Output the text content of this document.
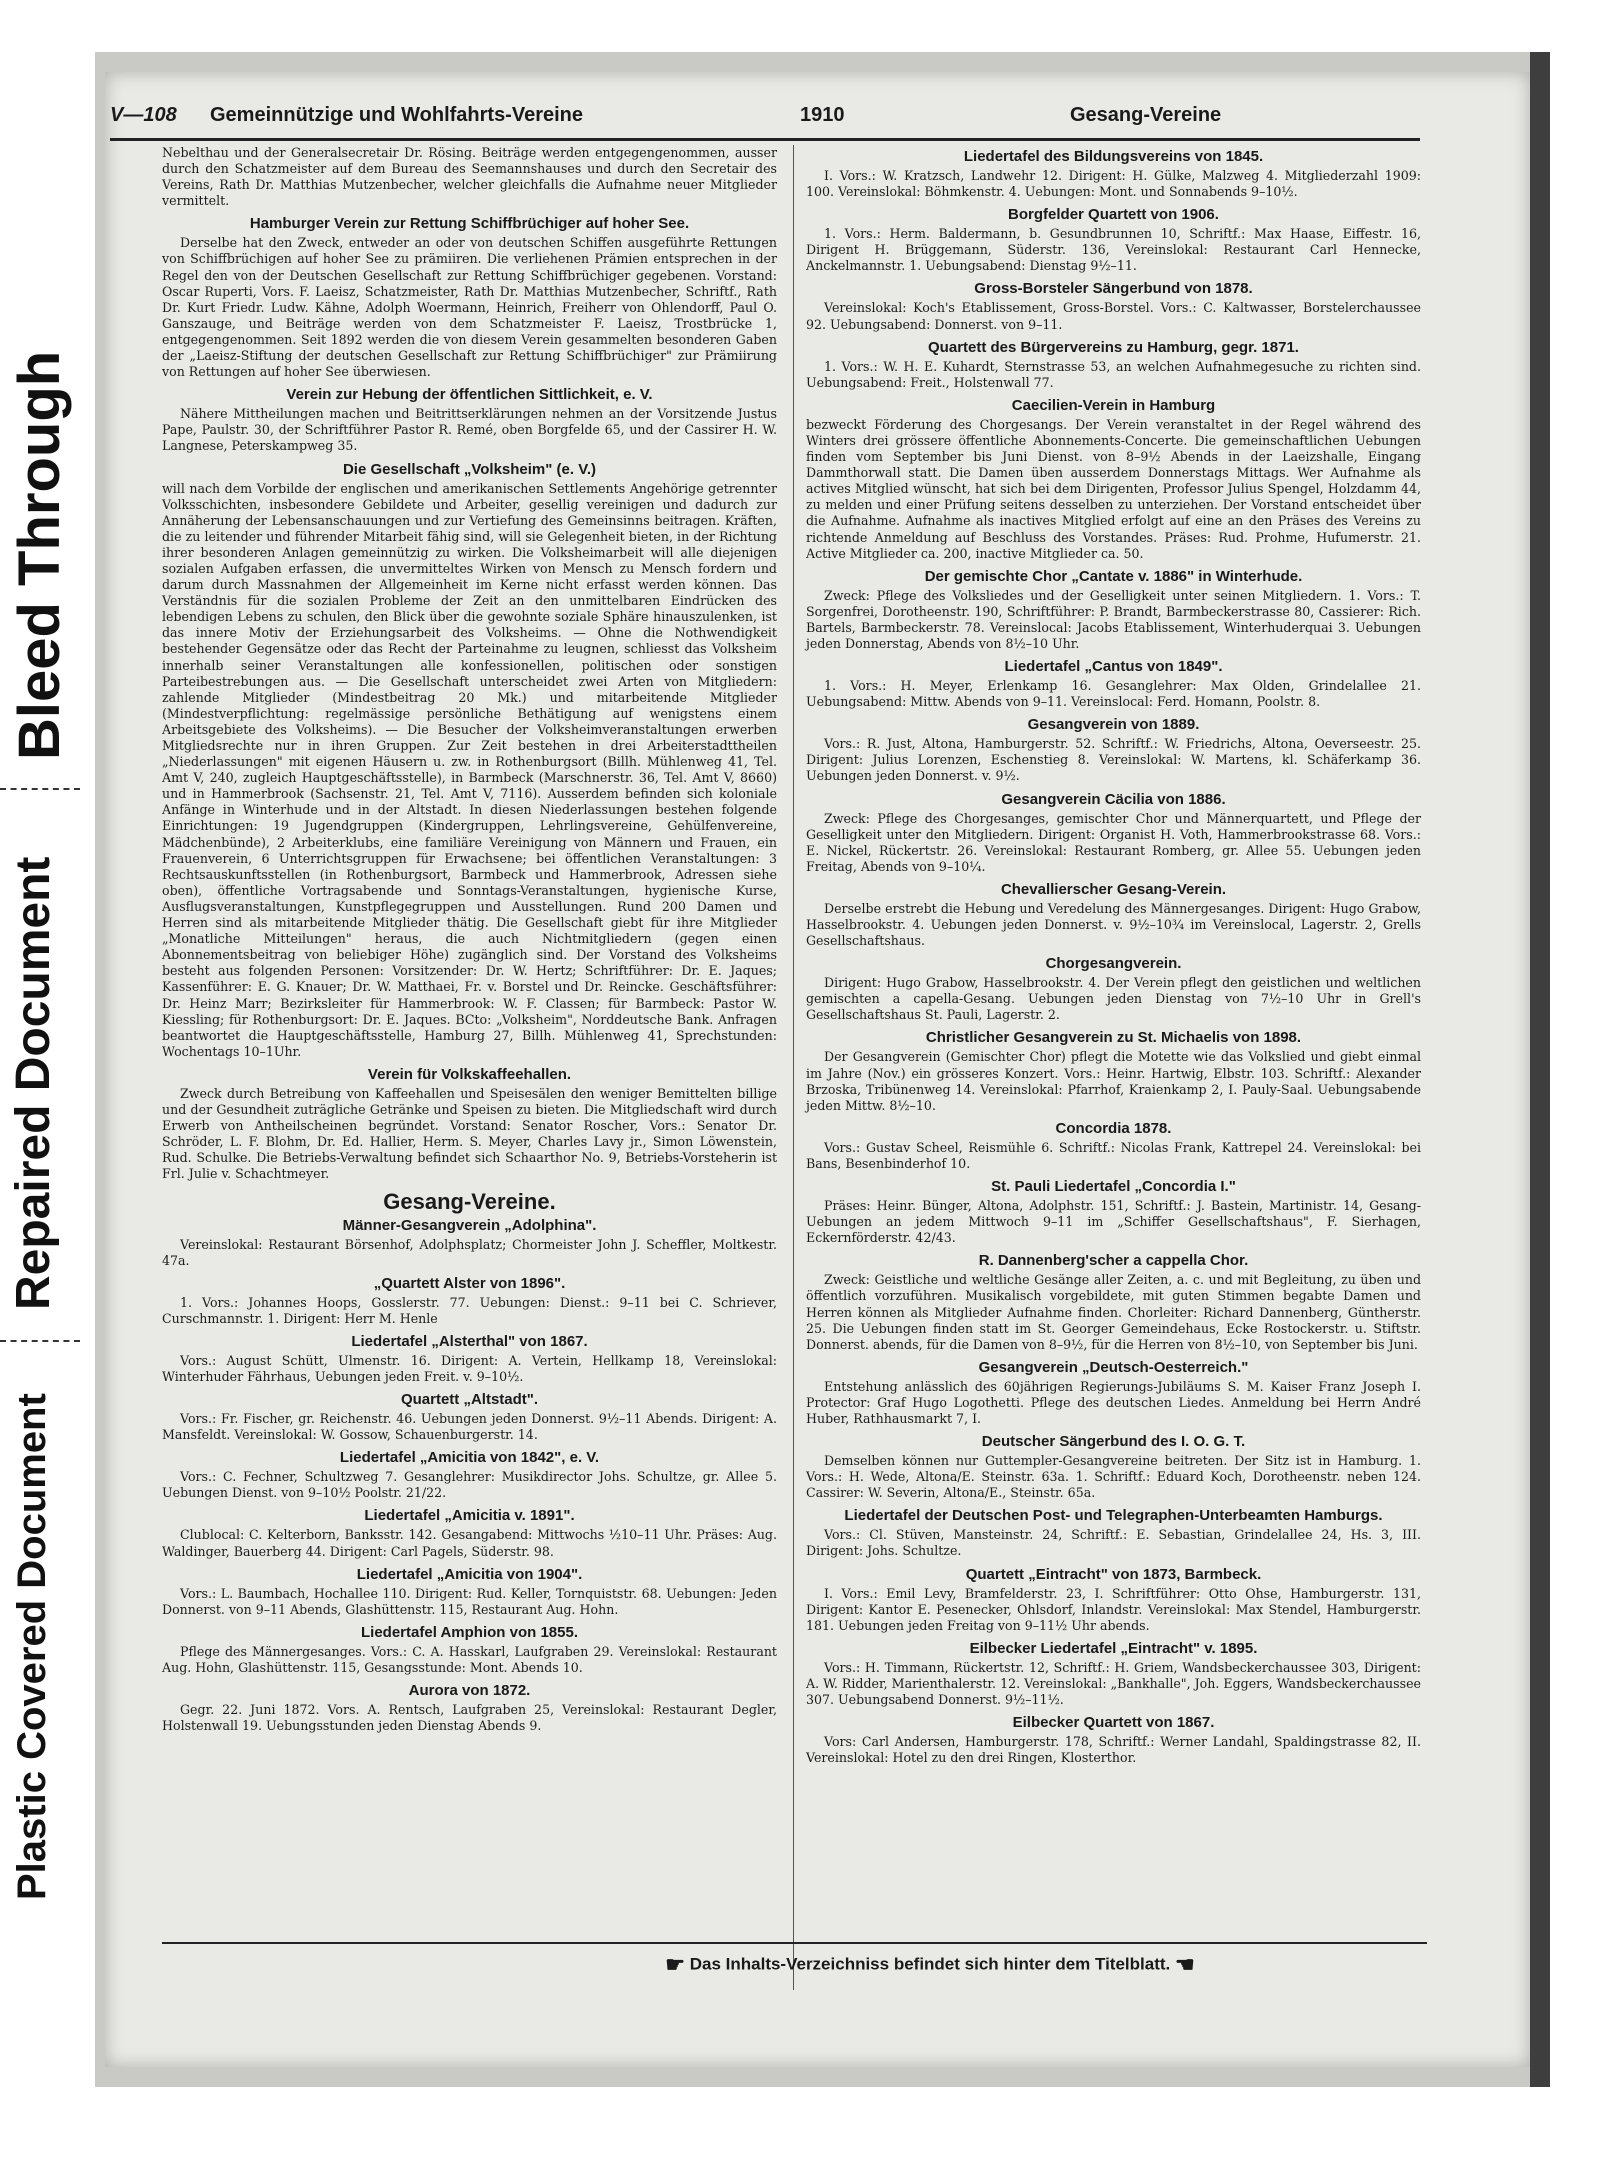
Bleed Through
Repaired Document
Plastic Covered Document
V—108 Gemeinnützige und Wohlfahrts-Vereine	1910	Gesang-Vereine

Nebelthau und der Generalsecretair Dr. Rösing. Beiträge werden entgegengenommen, ausser durch den Schatzmeister auf dem Bureau des Seemannshauses und durch den Secretair des Vereins, Rath Dr. Matthias Mutzenbecher, welcher gleichfalls die Aufnahme neuer Mitglieder vermittelt.

Hamburger Verein zur Rettung Schiffbrüchiger auf hoher See.

Derselbe hat den Zweck, entweder an oder von deutschen Schiffen ausgeführte Rettungen von Schiffbrüchigen auf hoher See zu prämiiren. Die verliehenen Prämien entsprechen in der Regel den von der Deutschen Gesellschaft zur Rettung Schiffbrüchiger gegebenen. Vorstand: Oscar Ruperti, Vors. F. Laeisz, Schatzmeister, Rath Dr. Matthias Mutzenbecher, Schriftf., Rath Dr. Kurt Friedr. Ludw. Kähne, Adolph Woermann, Heinrich, Freiherr von Ohlendorff, Paul O. Ganszauge, und Beiträge werden von dem Schatzmeister F. Laeisz, Trostbrücke 1, entgegengenommen. Seit 1892 werden die von diesem Verein gesammelten besonderen Gaben der „Laeisz-Stiftung der deutschen Gesellschaft zur Rettung Schiffbrüchiger" zur Prämiirung von Rettungen auf hoher See überwiesen.

Verein zur Hebung der öffentlichen Sittlichkeit, e. V.

Nähere Mittheilungen machen und Beitrittserklärungen nehmen an der Vorsitzende Justus Pape, Paulstr. 30, der Schriftführer Pastor R. Remé, oben Borgfelde 65, und der Cassirer H. W. Langnese, Peterskampweg 35.

Die Gesellschaft „Volksheim" (e. V.)

will nach dem Vorbilde der englischen und amerikanischen Settlements Angehörige getrennter Volksschichten, insbesondere Gebildete und Arbeiter, gesellig vereinigen und dadurch zur Annäherung der Lebensanschauungen und zur Vertiefung des Gemeinsinns beitragen. Kräften, die zu leitender und führender Mitarbeit fähig sind, will sie Gelegenheit bieten, in der Richtung ihrer besonderen Anlagen gemeinnützig zu wirken. Die Volksheimarbeit will alle diejenigen sozialen Aufgaben erfassen, die unvermitteltes Wirken von Mensch zu Mensch fordern und darum durch Massnahmen der Allgemeinheit im Kerne nicht erfasst werden können. Das Verständnis für die sozialen Probleme der Zeit an den unmittelbaren Eindrücken des lebendigen Lebens zu schulen, den Blick über die gewohnte soziale Sphäre hinauszulenken, ist das innere Motiv der Erziehungsarbeit des Volksheims. — Ohne die Nothwendigkeit bestehender Gegensätze oder das Recht der Parteinahme zu leugnen, schliesst das Volksheim innerhalb seiner Veranstaltungen alle konfessionellen, politischen oder sonstigen Parteibestrebungen aus. — Die Gesellschaft unterscheidet zwei Arten von Mitgliedern: zahlende Mitglieder (Mindestbeitrag 20 Mk.) und mitarbeitende Mitglieder (Mindestverpflichtung: regelmässige persönliche Bethätigung auf wenigstens einem Arbeitsgebiete des Volksheims). — Die Besucher der Volksheimveranstaltungen erwerben Mitgliedsrechte nur in ihren Gruppen. Zur Zeit bestehen in drei Arbeiterstadttheilen „Niederlassungen" mit eigenen Häusern u. zw. in Rothenburgsort (Billh. Mühlenweg 41, Tel. Amt V, 240, zugleich Hauptgeschäftsstelle), in Barmbeck (Marschnerstr. 36, Tel. Amt V, 8660) und in Hammerbrook (Sachsenstr. 21, Tel. Amt V, 7116). Ausserdem befinden sich koloniale Anfänge in Winterhude und in der Altstadt. In diesen Niederlassungen bestehen folgende Einrichtungen: 19 Jugendgruppen (Kindergruppen, Lehrlingsvereine, Gehülfenvereine, Mädchenbünde), 2 Arbeiterklubs, eine familiäre Vereinigung von Männern und Frauen, ein Frauenverein, 6 Unterrichtsgruppen für Erwachsene; bei öffentlichen Veranstaltungen: 3 Rechtsauskunftsstellen (in Rothenburgsort, Barmbeck und Hammerbrook, Adressen siehe oben), öffentliche Vortragsabende und Sonntags-Veranstaltungen, hygienische Kurse, Ausflugsveranstaltungen, Kunstpflegegruppen und Ausstellungen. Rund 200 Damen und Herren sind als mitarbeitende Mitglieder thätig. Die Gesellschaft giebt für ihre Mitglieder „Monatliche Mitteilungen" heraus, die auch Nichtmitgliedern (gegen einen Abonnementsbeitrag von beliebiger Höhe) zugänglich sind. Der Vorstand des Volksheims besteht aus folgenden Personen: Vorsitzender: Dr. W. Hertz; Schriftführer: Dr. E. Jaques; Kassenführer: E. G. Knauer; Dr. W. Matthaei, Fr. v. Borstel und Dr. Reincke. Geschäftsführer: Dr. Heinz Marr; Bezirksleiter für Hammerbrook: W. F. Classen; für Barmbeck: Pastor W. Kiessling; für Rothenburgsort: Dr. E. Jaques. BCto: „Volksheim", Norddeutsche Bank. Anfragen beantwortet die Hauptgeschäftsstelle, Hamburg 27, Billh. Mühlenweg 41, Sprechstunden: Wochentags 10–1Uhr.

Verein für Volkskaffeehallen.

Zweck durch Betreibung von Kaffeehallen und Speisesälen den weniger Bemittelten billige und der Gesundheit zuträgliche Getränke und Speisen zu bieten. Die Mitgliedschaft wird durch Erwerb von Antheilscheinen begründet. Vorstand: Senator Roscher, Vors.: Senator Dr. Schröder, L. F. Blohm, Dr. Ed. Hallier, Herm. S. Meyer, Charles Lavy jr., Simon Löwenstein, Rud. Schulke. Die Betriebs-Verwaltung befindet sich Schaarthor No. 9, Betriebs-Vorsteherin ist Frl. Julie v. Schachtmeyer.

Gesang-Vereine.
Männer-Gesangverein „Adolphina".

Vereinslokal: Restaurant Börsenhof, Adolphsplatz; Chormeister John J. Scheffler, Moltkestr. 47a.

„Quartett Alster von 1896".

1. Vors.: Johannes Hoops, Gosslerstr. 77. Uebungen: Dienst.: 9–11 bei C. Schriever, Curschmannstr. 1. Dirigent: Herr M. Henle

Liedertafel „Alsterthal" von 1867.

Vors.: August Schütt, Ulmenstr. 16. Dirigent: A. Vertein, Hellkamp 18, Vereinslokal: Winterhuder Fährhaus, Uebungen jeden Freit. v. 9–10½.

Quartett „Altstadt".

Vors.: Fr. Fischer, gr. Reichenstr. 46. Uebungen jeden Donnerst. 9½–11 Abends. Dirigent: A. Mansfeldt. Vereinslokal: W. Gossow, Schauenburgerstr. 14.

Liedertafel „Amicitia von 1842", e. V.

Vors.: C. Fechner, Schultzweg 7. Gesanglehrer: Musikdirector Johs. Schultze, gr. Allee 5. Uebungen Dienst. von 9–10½ Poolstr. 21/22.

Liedertafel „Amicitia v. 1891".

Clublocal: C. Kelterborn, Banksstr. 142. Gesangabend: Mittwochs ½10–11 Uhr. Präses: Aug. Waldinger, Bauerberg 44. Dirigent: Carl Pagels, Süderstr. 98.

Liedertafel „Amicitia von 1904".

Vors.: L. Baumbach, Hochallee 110. Dirigent: Rud. Keller, Tornquiststr. 68. Uebungen: Jeden Donnerst. von 9–11 Abends, Glashüttenstr. 115, Restaurant Aug. Hohn.

Liedertafel Amphion von 1855.

Pflege des Männergesanges. Vors.: C. A. Hasskarl, Laufgraben 29. Vereinslokal: Restaurant Aug. Hohn, Glashüttenstr. 115, Gesangsstunde: Mont. Abends 10.

Aurora von 1872.

Gegr. 22. Juni 1872. Vors. A. Rentsch, Laufgraben 25, Vereinslokal: Restaurant Degler, Holstenwall 19. Uebungsstunden jeden Dienstag Abends 9.

Liedertafel des Bildungsvereins von 1845.

I. Vors.: W. Kratzsch, Landwehr 12. Dirigent: H. Gülke, Malzweg 4. Mitgliederzahl 1909: 100. Vereinslokal: Böhmkenstr. 4. Uebungen: Mont. und Sonnabends 9–10½.

Borgfelder Quartett von 1906.

1. Vors.: Herm. Baldermann, b. Gesundbrunnen 10, Schriftf.: Max Haase, Eiffestr. 16, Dirigent H. Brüggemann, Süderstr. 136, Vereinslokal: Restaurant Carl Hennecke, Anckelmannstr. 1. Uebungsabend: Dienstag 9½–11.

Gross-Borsteler Sängerbund von 1878.

Vereinslokal: Koch's Etablissement, Gross-Borstel. Vors.: C. Kaltwasser, Borstelerchaussee 92. Uebungsabend: Donnerst. von 9–11.

Quartett des Bürgervereins zu Hamburg, gegr. 1871.

1. Vors.: W. H. E. Kuhardt, Sternstrasse 53, an welchen Aufnahmegesuche zu richten sind. Uebungsabend: Freit., Holstenwall 77.

Caecilien-Verein in Hamburg

bezweckt Förderung des Chorgesangs. Der Verein veranstaltet in der Regel während des Winters drei grössere öffentliche Abonnements-Concerte. Die gemeinschaftlichen Uebungen finden vom September bis Juni Dienst. von 8–9½ Abends in der Laeizshalle, Eingang Dammthorwall statt. Die Damen üben ausserdem Donnerstags Mittags. Wer Aufnahme als actives Mitglied wünscht, hat sich bei dem Dirigenten, Professor Julius Spengel, Holzdamm 44, zu melden und einer Prüfung seitens desselben zu unterziehen. Der Vorstand entscheidet über die Aufnahme. Aufnahme als inactives Mitglied erfolgt auf eine an den Präses des Vereins zu richtende Anmeldung auf Beschluss des Vorstandes. Präses: Rud. Prohme, Hufumerstr. 21. Active Mitglieder ca. 200, inactive Mitglieder ca. 50.

Der gemischte Chor „Cantate v. 1886" in Winterhude.

Zweck: Pflege des Volksliedes und der Geselligkeit unter seinen Mitgliedern. 1. Vors.: T. Sorgenfrei, Dorotheenstr. 190, Schriftführer: P. Brandt, Barmbeckerstrasse 80, Cassierer: Rich. Bartels, Barmbeckerstr. 78. Vereinslocal: Jacobs Etablissement, Winterhuderquai 3. Uebungen jeden Donnerstag, Abends von 8½–10 Uhr.

Liedertafel „Cantus von 1849".

1. Vors.: H. Meyer, Erlenkamp 16. Gesanglehrer: Max Olden, Grindelallee 21. Uebungsabend: Mittw. Abends von 9–11. Vereinslocal: Ferd. Homann, Poolstr. 8.

Gesangverein von 1889.

Vors.: R. Just, Altona, Hamburgerstr. 52. Schriftf.: W. Friedrichs, Altona, Oeverseestr. 25. Dirigent: Julius Lorenzen, Eschenstieg 8. Vereinslokal: W. Martens, kl. Schäferkamp 36. Uebungen jeden Donnerst. v. 9½.

Gesangverein Cäcilia von 1886.

Zweck: Pflege des Chorgesanges, gemischter Chor und Männerquartett, und Pflege der Geselligkeit unter den Mitgliedern. Dirigent: Organist H. Voth, Hammerbrookstrasse 68. Vors.: E. Nickel, Rückertstr. 26. Vereinslokal: Restaurant Romberg, gr. Allee 55. Uebungen jeden Freitag, Abends von 9–10¼.

Chevallierscher Gesang-Verein.

Derselbe erstrebt die Hebung und Veredelung des Männergesanges. Dirigent: Hugo Grabow, Hasselbrookstr. 4. Uebungen jeden Donnerst. v. 9½–10¾ im Vereinslocal, Lagerstr. 2, Grells Gesellschaftshaus.

Chorgesangverein.

Dirigent: Hugo Grabow, Hasselbrookstr. 4. Der Verein pflegt den geistlichen und weltlichen gemischten a capella-Gesang. Uebungen jeden Dienstag von 7½–10 Uhr in Grell's Gesellschaftshaus St. Pauli, Lagerstr. 2.

Christlicher Gesangverein zu St. Michaelis von 1898.

Der Gesangverein (Gemischter Chor) pflegt die Motette wie das Volkslied und giebt einmal im Jahre (Nov.) ein grösseres Konzert. Vors.: Heinr. Hartwig, Elbstr. 103. Schriftf.: Alexander Brzoska, Tribünenweg 14. Vereinslokal: Pfarrhof, Kraienkamp 2, I. Pauly-Saal. Uebungsabende jeden Mittw. 8½–10.

Concordia 1878.

Vors.: Gustav Scheel, Reismühle 6. Schriftf.: Nicolas Frank, Kattrepel 24. Vereinslokal: bei Bans, Besenbinderhof 10.

St. Pauli Liedertafel „Concordia I."

Präses: Heinr. Bünger, Altona, Adolphstr. 151, Schriftf.: J. Bastein, Martinistr. 14, Gesang-Uebungen an jedem Mittwoch 9–11 im „Schiffer Gesellschaftshaus", F. Sierhagen, Eckernförderstr. 42/43.

R. Dannenberg'scher a cappella Chor.

Zweck: Geistliche und weltliche Gesänge aller Zeiten, a. c. und mit Begleitung, zu üben und öffentlich vorzuführen. Musikalisch vorgebildete, mit guten Stimmen begabte Damen und Herren können als Mitglieder Aufnahme finden. Chorleiter: Richard Dannenberg, Güntherstr. 25. Die Uebungen finden statt im St. Georger Gemeindehaus, Ecke Rostockerstr. u. Stiftstr. Donnerst. abends, für die Damen von 8–9½, für die Herren von 8½–10, von September bis Juni.

Gesangverein „Deutsch-Oesterreich."

Entstehung anlässlich des 60jährigen Regierungs-Jubiläums S. M. Kaiser Franz Joseph I. Protector: Graf Hugo Logothetti. Pflege des deutschen Liedes. Anmeldung bei Herrn André Huber, Rathhausmarkt 7, I.

Deutscher Sängerbund des I. O. G. T.

Demselben können nur Guttempler-Gesangvereine beitreten. Der Sitz ist in Hamburg. 1. Vors.: H. Wede, Altona/E. Steinstr. 63a. 1. Schriftf.: Eduard Koch, Dorotheenstr. neben 124. Cassirer: W. Severin, Altona/E., Steinstr. 65a.

Liedertafel der Deutschen Post- und Telegraphen-Unterbeamten Hamburgs.

Vors.: Cl. Stüven, Mansteinstr. 24, Schriftf.: E. Sebastian, Grindelallee 24, Hs. 3, III. Dirigent: Johs. Schultze.

Quartett „Eintracht" von 1873, Barmbeck.

I. Vors.: Emil Levy, Bramfelderstr. 23, I. Schriftführer: Otto Ohse, Hamburgerstr. 131, Dirigent: Kantor E. Pesenecker, Ohlsdorf, Inlandstr. Vereinslokal: Max Stendel, Hamburgerstr. 181. Uebungen jeden Freitag von 9–11½ Uhr abends.

Eilbecker Liedertafel „Eintracht" v. 1895.

Vors.: H. Timmann, Rückertstr. 12, Schriftf.: H. Griem, Wandsbeckerchaussee 303, Dirigent: A. W. Ridder, Marienthalerstr. 12. Vereinslokal: „Bankhalle", Joh. Eggers, Wandsbeckerchaussee 307. Uebungsabend Donnerst. 9½–11½.

Eilbecker Quartett von 1867.

Vors: Carl Andersen, Hamburgerstr. 178, Schriftf.: Werner Landahl, Spaldingstrasse 82, II. Vereinslokal: Hotel zu den drei Ringen, Klosterthor.

☛ Das Inhalts-Verzeichniss befindet sich hinter dem Titelblatt. ☚
